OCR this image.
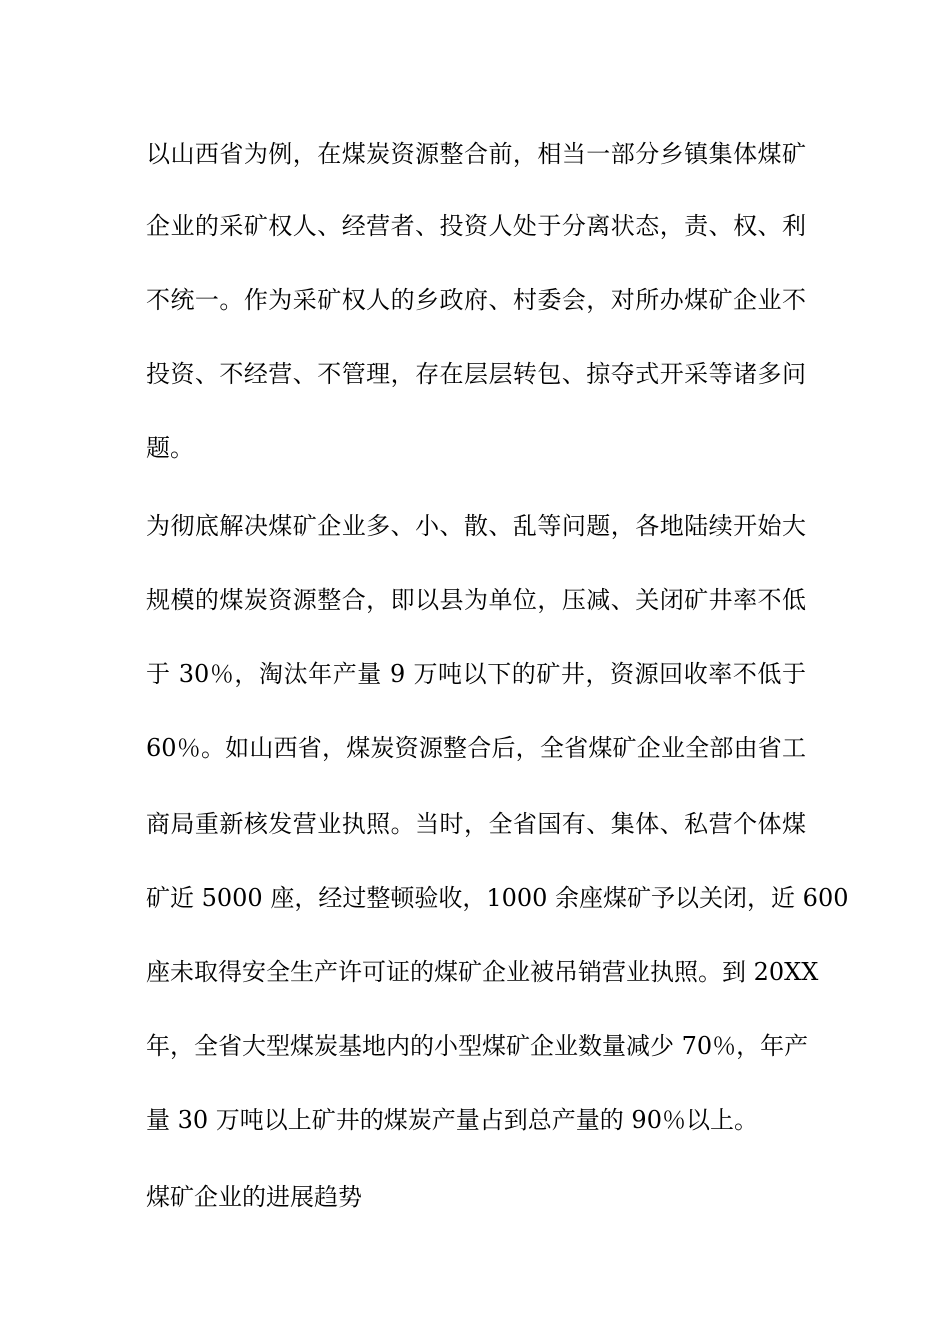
以山西省为例，在煤炭资源整合前，相当一部分乡镇集体煤矿
企业的采矿权人、经营者、投资人处于分离状态，责、权、利
不统一。作为采矿权人的乡政府、村委会，对所办煤矿企业不
投资、不经营、不管理，存在层层转包、掠夺式开采等诸多问
题。
为彻底解决煤矿企业多、小、散、乱等问题，各地陆续开始大
规模的煤炭资源整合，即以县为单位，压减、关闭矿井率不低
于 30％，淘汰年产量 9 万吨以下的矿井，资源回收率不低于
60％。如山西省，煤炭资源整合后，全省煤矿企业全部由省工
商局重新核发营业执照。当时，全省国有、集体、私营个体煤
矿近 5000 座，经过整顿验收，1000 余座煤矿予以关闭，近 600
座未取得安全生产许可证的煤矿企业被吊销营业执照。到 20XX
年，全省大型煤炭基地内的小型煤矿企业数量减少 70％，年产
量 30 万吨以上矿井的煤炭产量占到总产量的 90％以上。
煤矿企业的进展趋势
